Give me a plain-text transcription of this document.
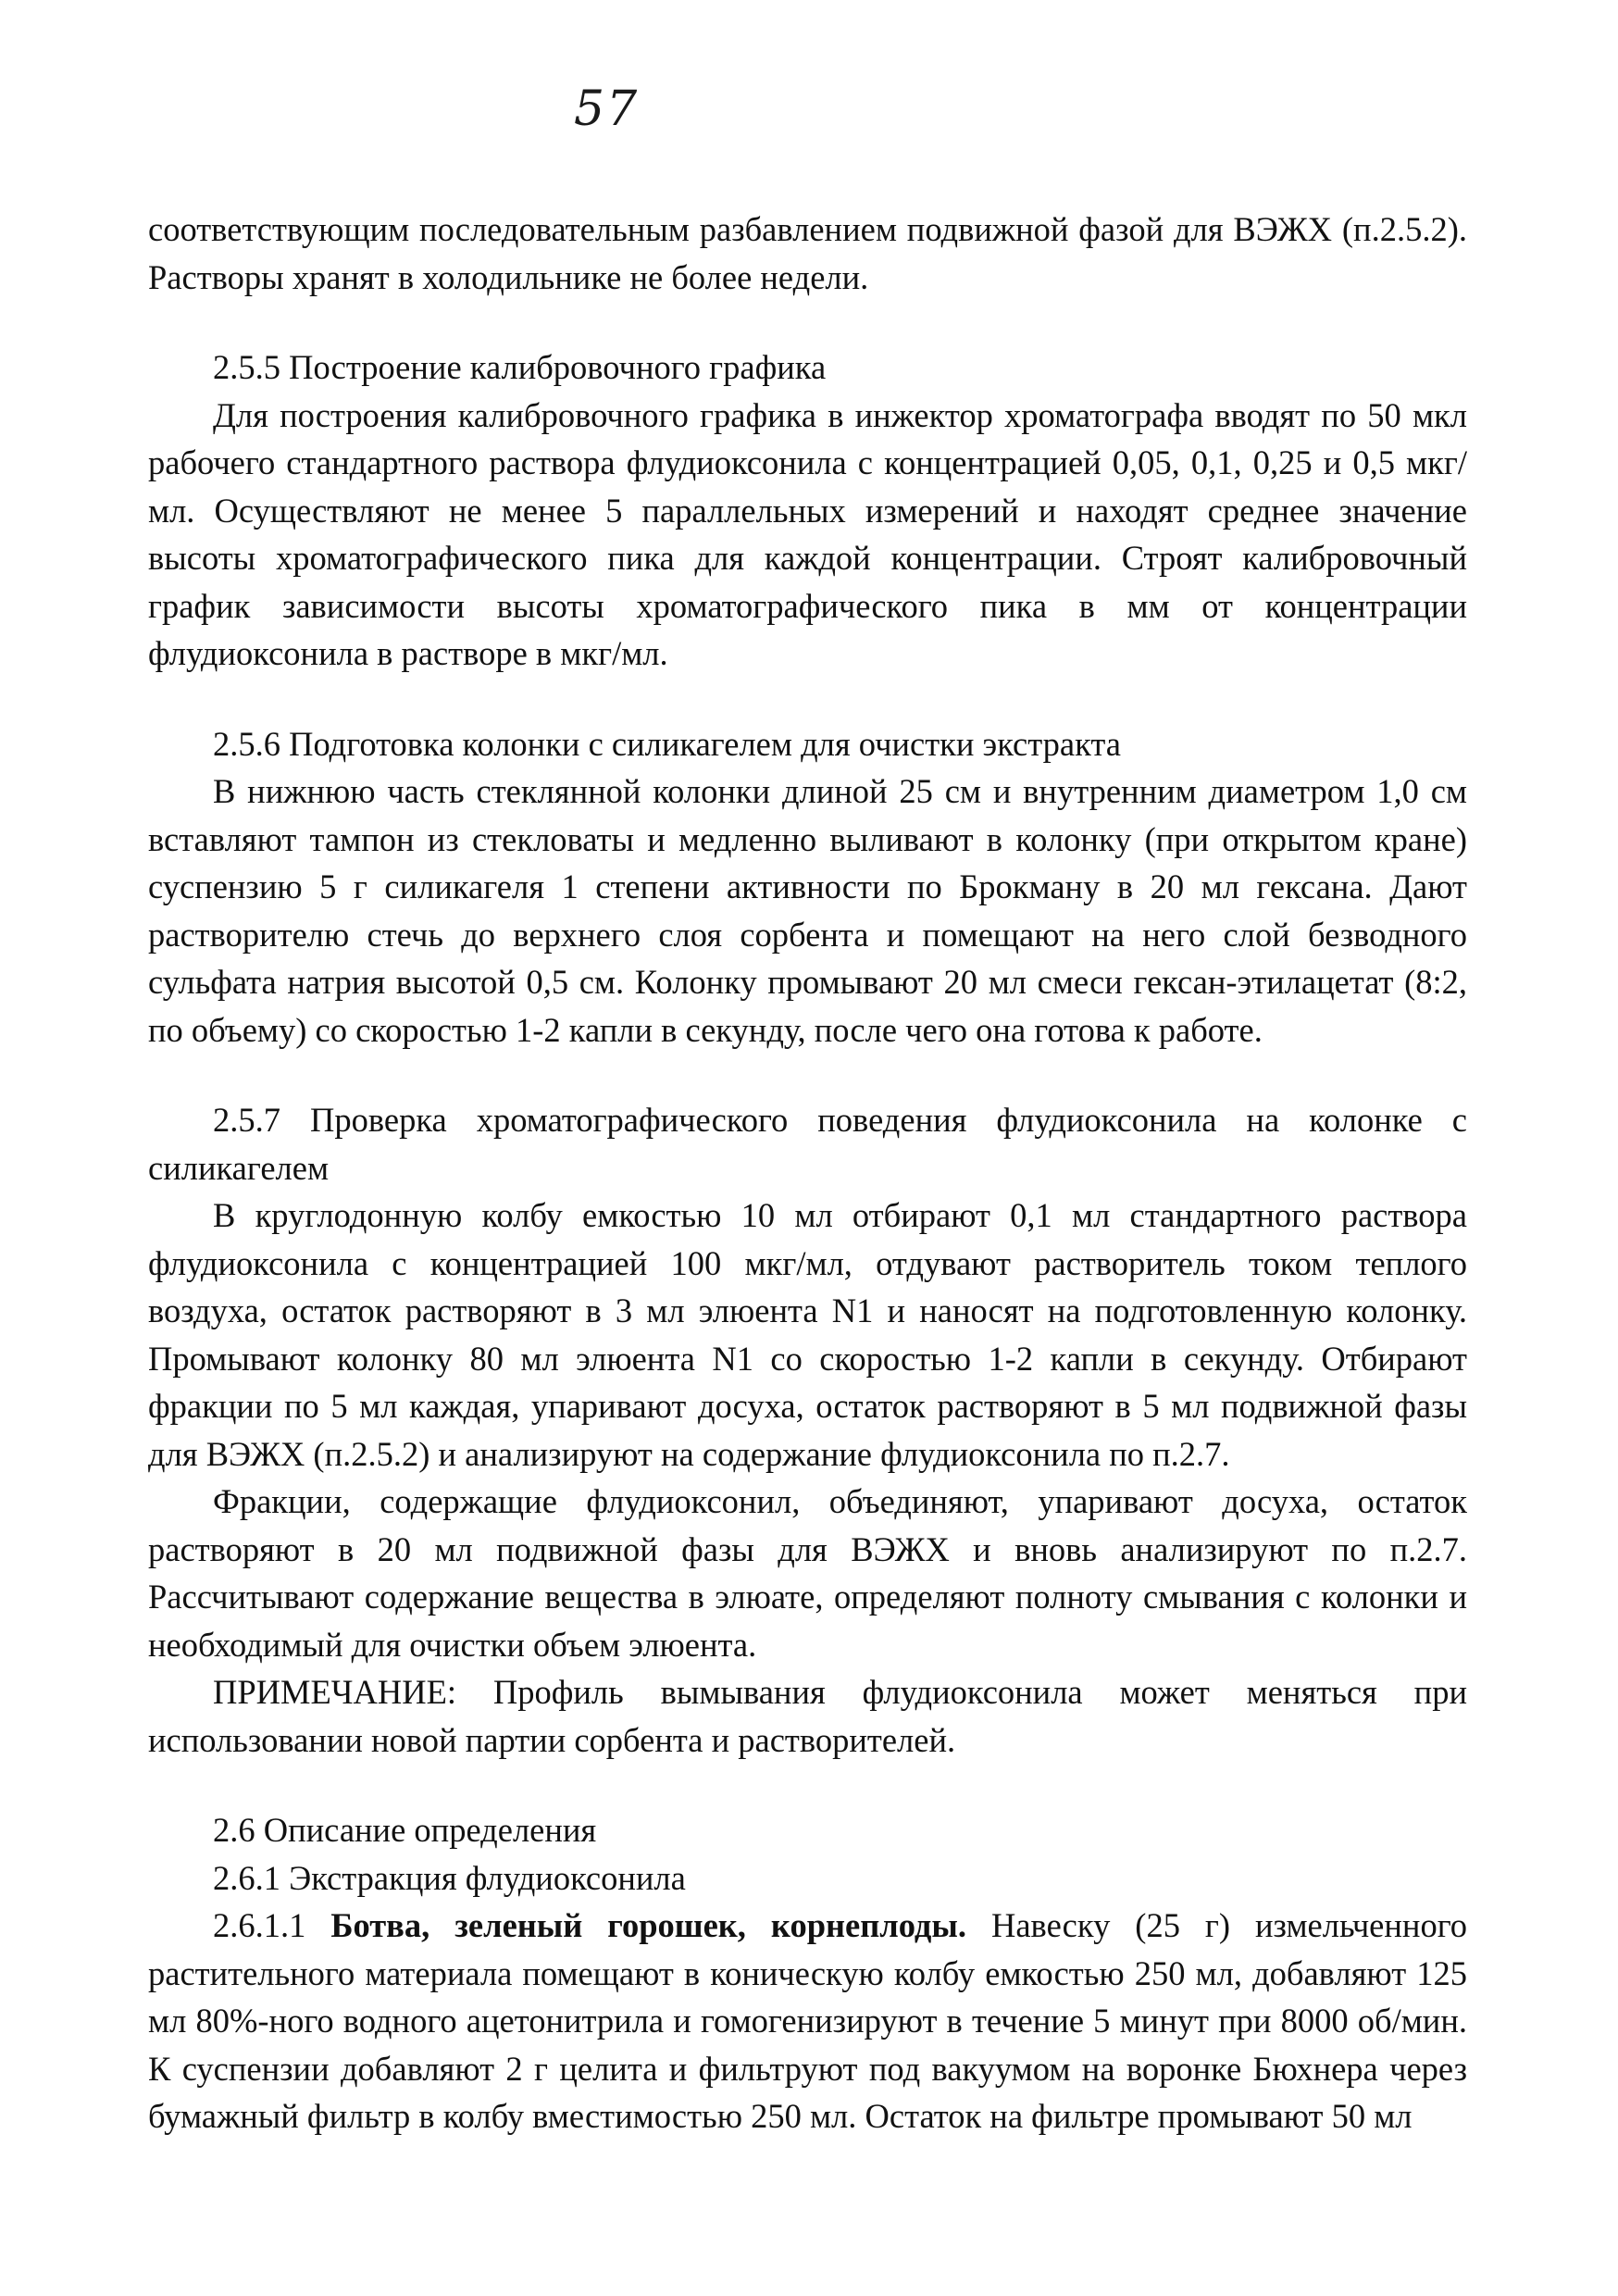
57

соответствующим последовательным разбавлением подвижной фазой для ВЭЖХ (п.2.5.2). Растворы хранят в холодильнике не более недели.

2.5.5 Построение калибровочного графика

Для построения калибровочного графика в инжектор хроматографа вводят по 50 мкл рабочего стандартного раствора флудиоксонила с концентрацией 0,05, 0,1, 0,25 и 0,5 мкг/мл. Осуществляют не менее 5 параллельных измерений и находят среднее значение высоты хроматографического пика для каждой концентрации. Строят калибровочный график зависимости высоты хроматографического пика в мм от концентрации флудиоксонила в растворе в мкг/мл.

2.5.6 Подготовка колонки с силикагелем для очистки экстракта

В нижнюю часть стеклянной колонки длиной 25 см и внутренним диаметром 1,0 см вставляют тампон из стекловаты и медленно выливают в колонку (при открытом кране) суспензию 5 г силикагеля 1 степени активности по Брокману в 20 мл гексана. Дают растворителю стечь до верхнего слоя сорбента и помещают на него слой безводного сульфата натрия высотой 0,5 см. Колонку промывают 20 мл смеси гексан-этилацетат (8:2, по объему) со скоростью 1-2 капли в секунду, после чего она готова к работе.

2.5.7 Проверка хроматографического поведения флудиоксонила на колонке с силикагелем

В круглодонную колбу емкостью 10 мл отбирают 0,1 мл стандартного раствора флудиоксонила с концентрацией 100 мкг/мл, отдувают растворитель током теплого воздуха, остаток растворяют в 3 мл элюента N1 и наносят на подготовленную колонку. Промывают колонку 80 мл элюента N1 со скоростью 1-2 капли в секунду. Отбирают фракции по 5 мл каждая, упаривают досуха, остаток растворяют в 5 мл подвижной фазы для ВЭЖХ (п.2.5.2) и анализируют на содержание флудиоксонила по п.2.7.

Фракции, содержащие флудиоксонил, объединяют, упаривают досуха, остаток растворяют в 20 мл подвижной фазы для ВЭЖХ и вновь анализируют по п.2.7. Рассчитывают содержание вещества в элюате, определяют полноту смывания с колонки и необходимый для очистки объем элюента.

ПРИМЕЧАНИЕ: Профиль вымывания флудиоксонила может меняться при использовании новой партии сорбента и растворителей.

2.6 Описание определения

2.6.1 Экстракция флудиоксонила

2.6.1.1 Ботва, зеленый горошек, корнеплоды. Навеску (25 г) измельченного растительного материала помещают в коническую колбу емкостью 250 мл, добавляют 125 мл 80%-ного водного ацетонитрила и гомогенизируют в течение 5 минут при 8000 об/мин. К суспензии добавляют 2 г целита и фильтруют под вакуумом на воронке Бюхнера через бумажный фильтр в колбу вместимостью 250 мл. Остаток на фильтре промывают 50 мл
